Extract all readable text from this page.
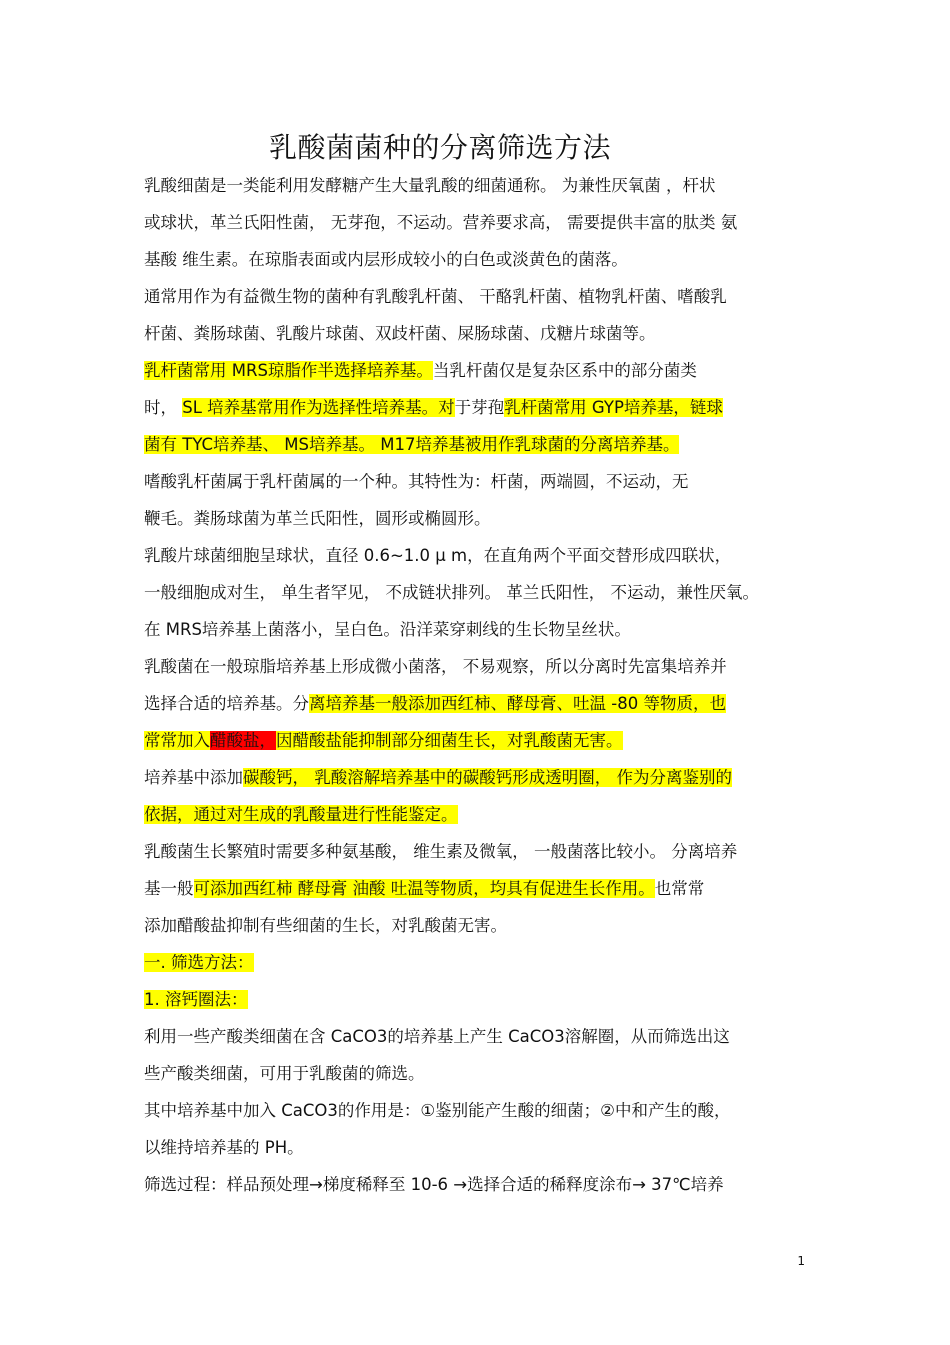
乳酸菌菌种的分离筛选方法
乳酸细菌是一类能利用发酵糖产生大量乳酸的细菌通称。 为兼性厌氧菌 ，杆状
或球状，革兰氏阳性菌， 无芽孢，不运动。营养要求高， 需要提供丰富的肽类 氨
基酸 维生素。在琼脂表面或内层形成较小的白色或淡黄色的菌落。
通常用作为有益微生物的菌种有乳酸乳杆菌、 干酪乳杆菌、植物乳杆菌、嗜酸乳
杆菌、粪肠球菌、乳酸片球菌、双歧杆菌、屎肠球菌、戊糖片球菌等。
乳杆菌常用 MRS琼脂作半选择培养基。当乳杆菌仅是复杂区系中的部分菌类
时， SL 培养基常用作为选择性培养基。对于芽孢乳杆菌常用 GYP培养基，链球
菌有 TYC培养基、 MS培养基。 M17培养基被用作乳球菌的分离培养基。
嗜酸乳杆菌属于乳杆菌属的一个种。其特性为：杆菌，两端圆，不运动，无
鞭毛。粪肠球菌为革兰氏阳性，圆形或椭圆形。
乳酸片球菌细胞呈球状，直径 0.6~1.0 μ m，在直角两个平面交替形成四联状，
一般细胞成对生， 单生者罕见， 不成链状排列。 革兰氏阳性， 不运动，兼性厌氧。
在 MRS培养基上菌落小，呈白色。沿洋菜穿刺线的生长物呈丝状。
乳酸菌在一般琼脂培养基上形成微小菌落， 不易观察，所以分离时先富集培养并
选择合适的培养基。分离培养基一般添加西红柿、酵母膏、吐温 -80 等物质，也
常常加入醋酸盐，因醋酸盐能抑制部分细菌生长，对乳酸菌无害。
培养基中添加碳酸钙， 乳酸溶解培养基中的碳酸钙形成透明圈， 作为分离鉴别的
依据，通过对生成的乳酸量进行性能鉴定。
乳酸菌生长繁殖时需要多种氨基酸， 维生素及微氧， 一般菌落比较小。 分离培养
基一般可添加西红柿 酵母膏 油酸 吐温等物质，均具有促进生长作用。也常常
添加醋酸盐抑制有些细菌的生长，对乳酸菌无害。
一. 筛选方法：
1. 溶钙圈法：
利用一些产酸类细菌在含 CaCO3的培养基上产生 CaCO3溶解圈，从而筛选出这
些产酸类细菌，可用于乳酸菌的筛选。
其中培养基中加入 CaCO3的作用是：①鉴别能产生酸的细菌；②中和产生的酸，
以维持培养基的 PH。
筛选过程：样品预处理→梯度稀释至 10-6 →选择合适的稀释度涂布→ 37℃培养
1
